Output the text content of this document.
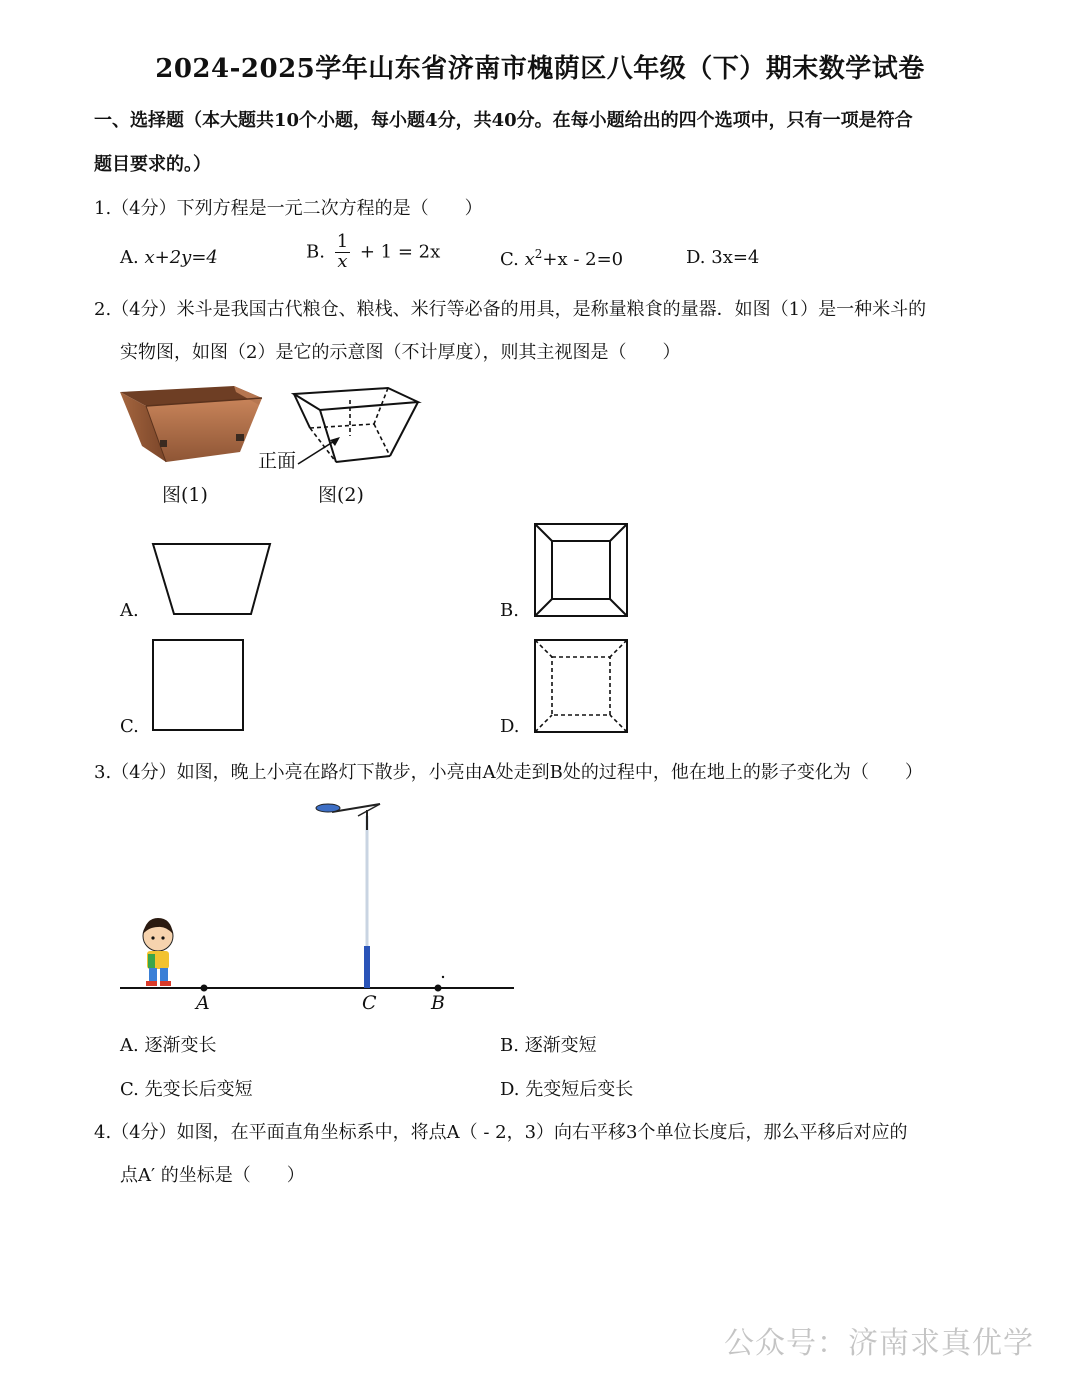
2024-2025学年山东省济南市槐荫区八年级（下）期末数学试卷
一、选择题（本大题共10个小题，每小题4分，共40分。在每小题给出的四个选项中，只有一项是符合
题目要求的。）
1.（4分）下列方程是一元二次方程的是（　　）
A. x+2y=4	B. $\frac{1}{x} + 1 = 2x$	C. $x^2+x - 2=0$	D. 3x=4
2.（4分）米斗是我国古代粮仓、粮栈、米行等必备的用具，是称量粮食的量器．如图（1）是一种米斗的
实物图，如图（2）是它的示意图（不计厚度），则其主视图是（　　）
正面
图(1)	图(2)
A.	B.
C.	D.
3.（4分）如图，晚上小亮在路灯下散步，小亮由A处走到B处的过程中，他在地上的影子变化为（　　）
A	C	B
A. 逐渐变长	B. 逐渐变短
C. 先变长后变短	D. 先变短后变长
4.（4分）如图，在平面直角坐标系中，将点A（ - 2，3）向右平移3个单位长度后，那么平移后对应的
点A′ 的坐标是（　　）
公众号：济南求真优学
